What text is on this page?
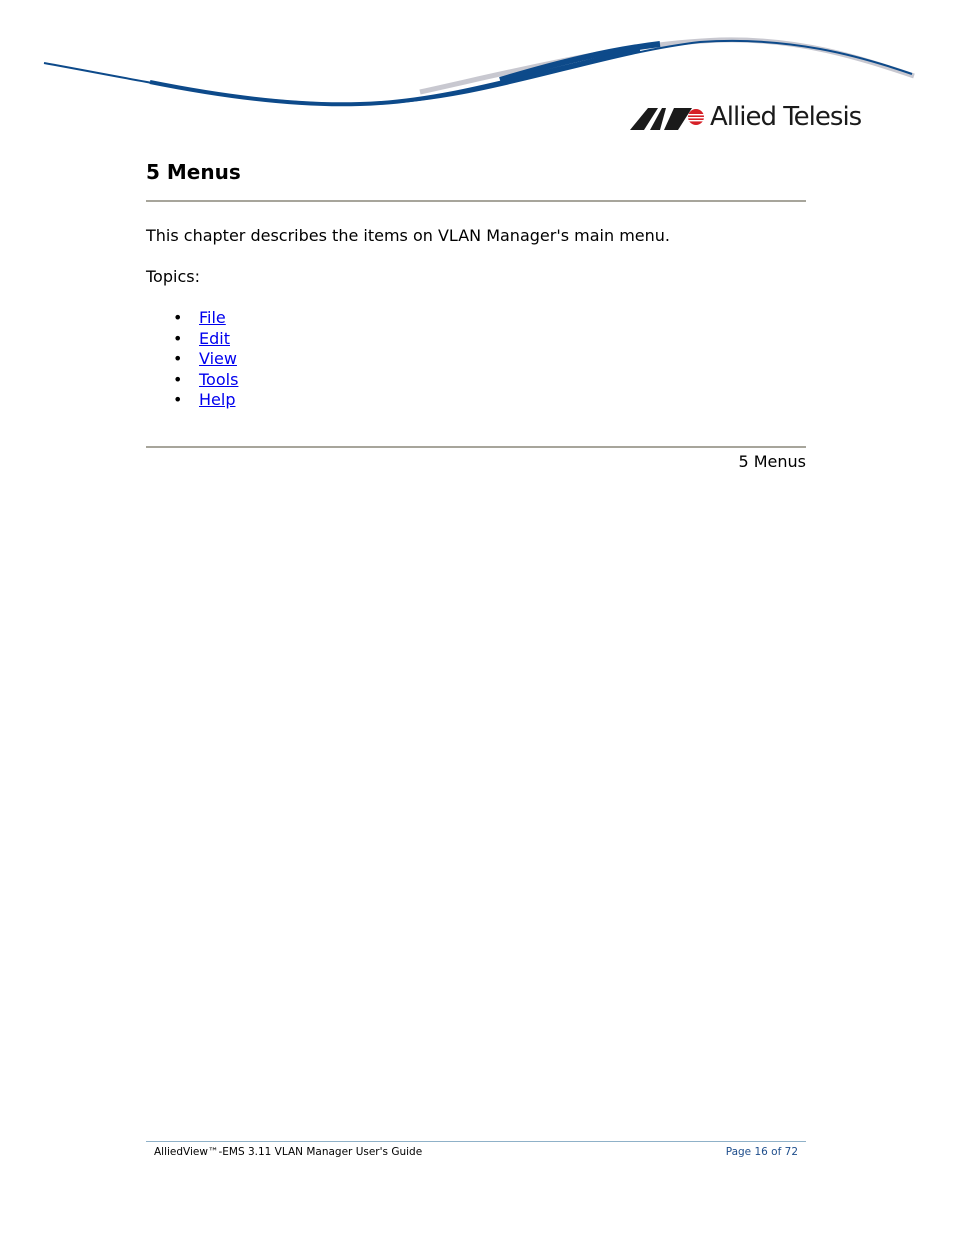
Allied Telesis
5 Menus

This chapter describes the items on VLAN Manager's main menu.

Topics:

• File
• Edit
• View
• Tools
• Help

5 Menus

AlliedView™-EMS 3.11 VLAN Manager User's Guide	Page 16 of 72
